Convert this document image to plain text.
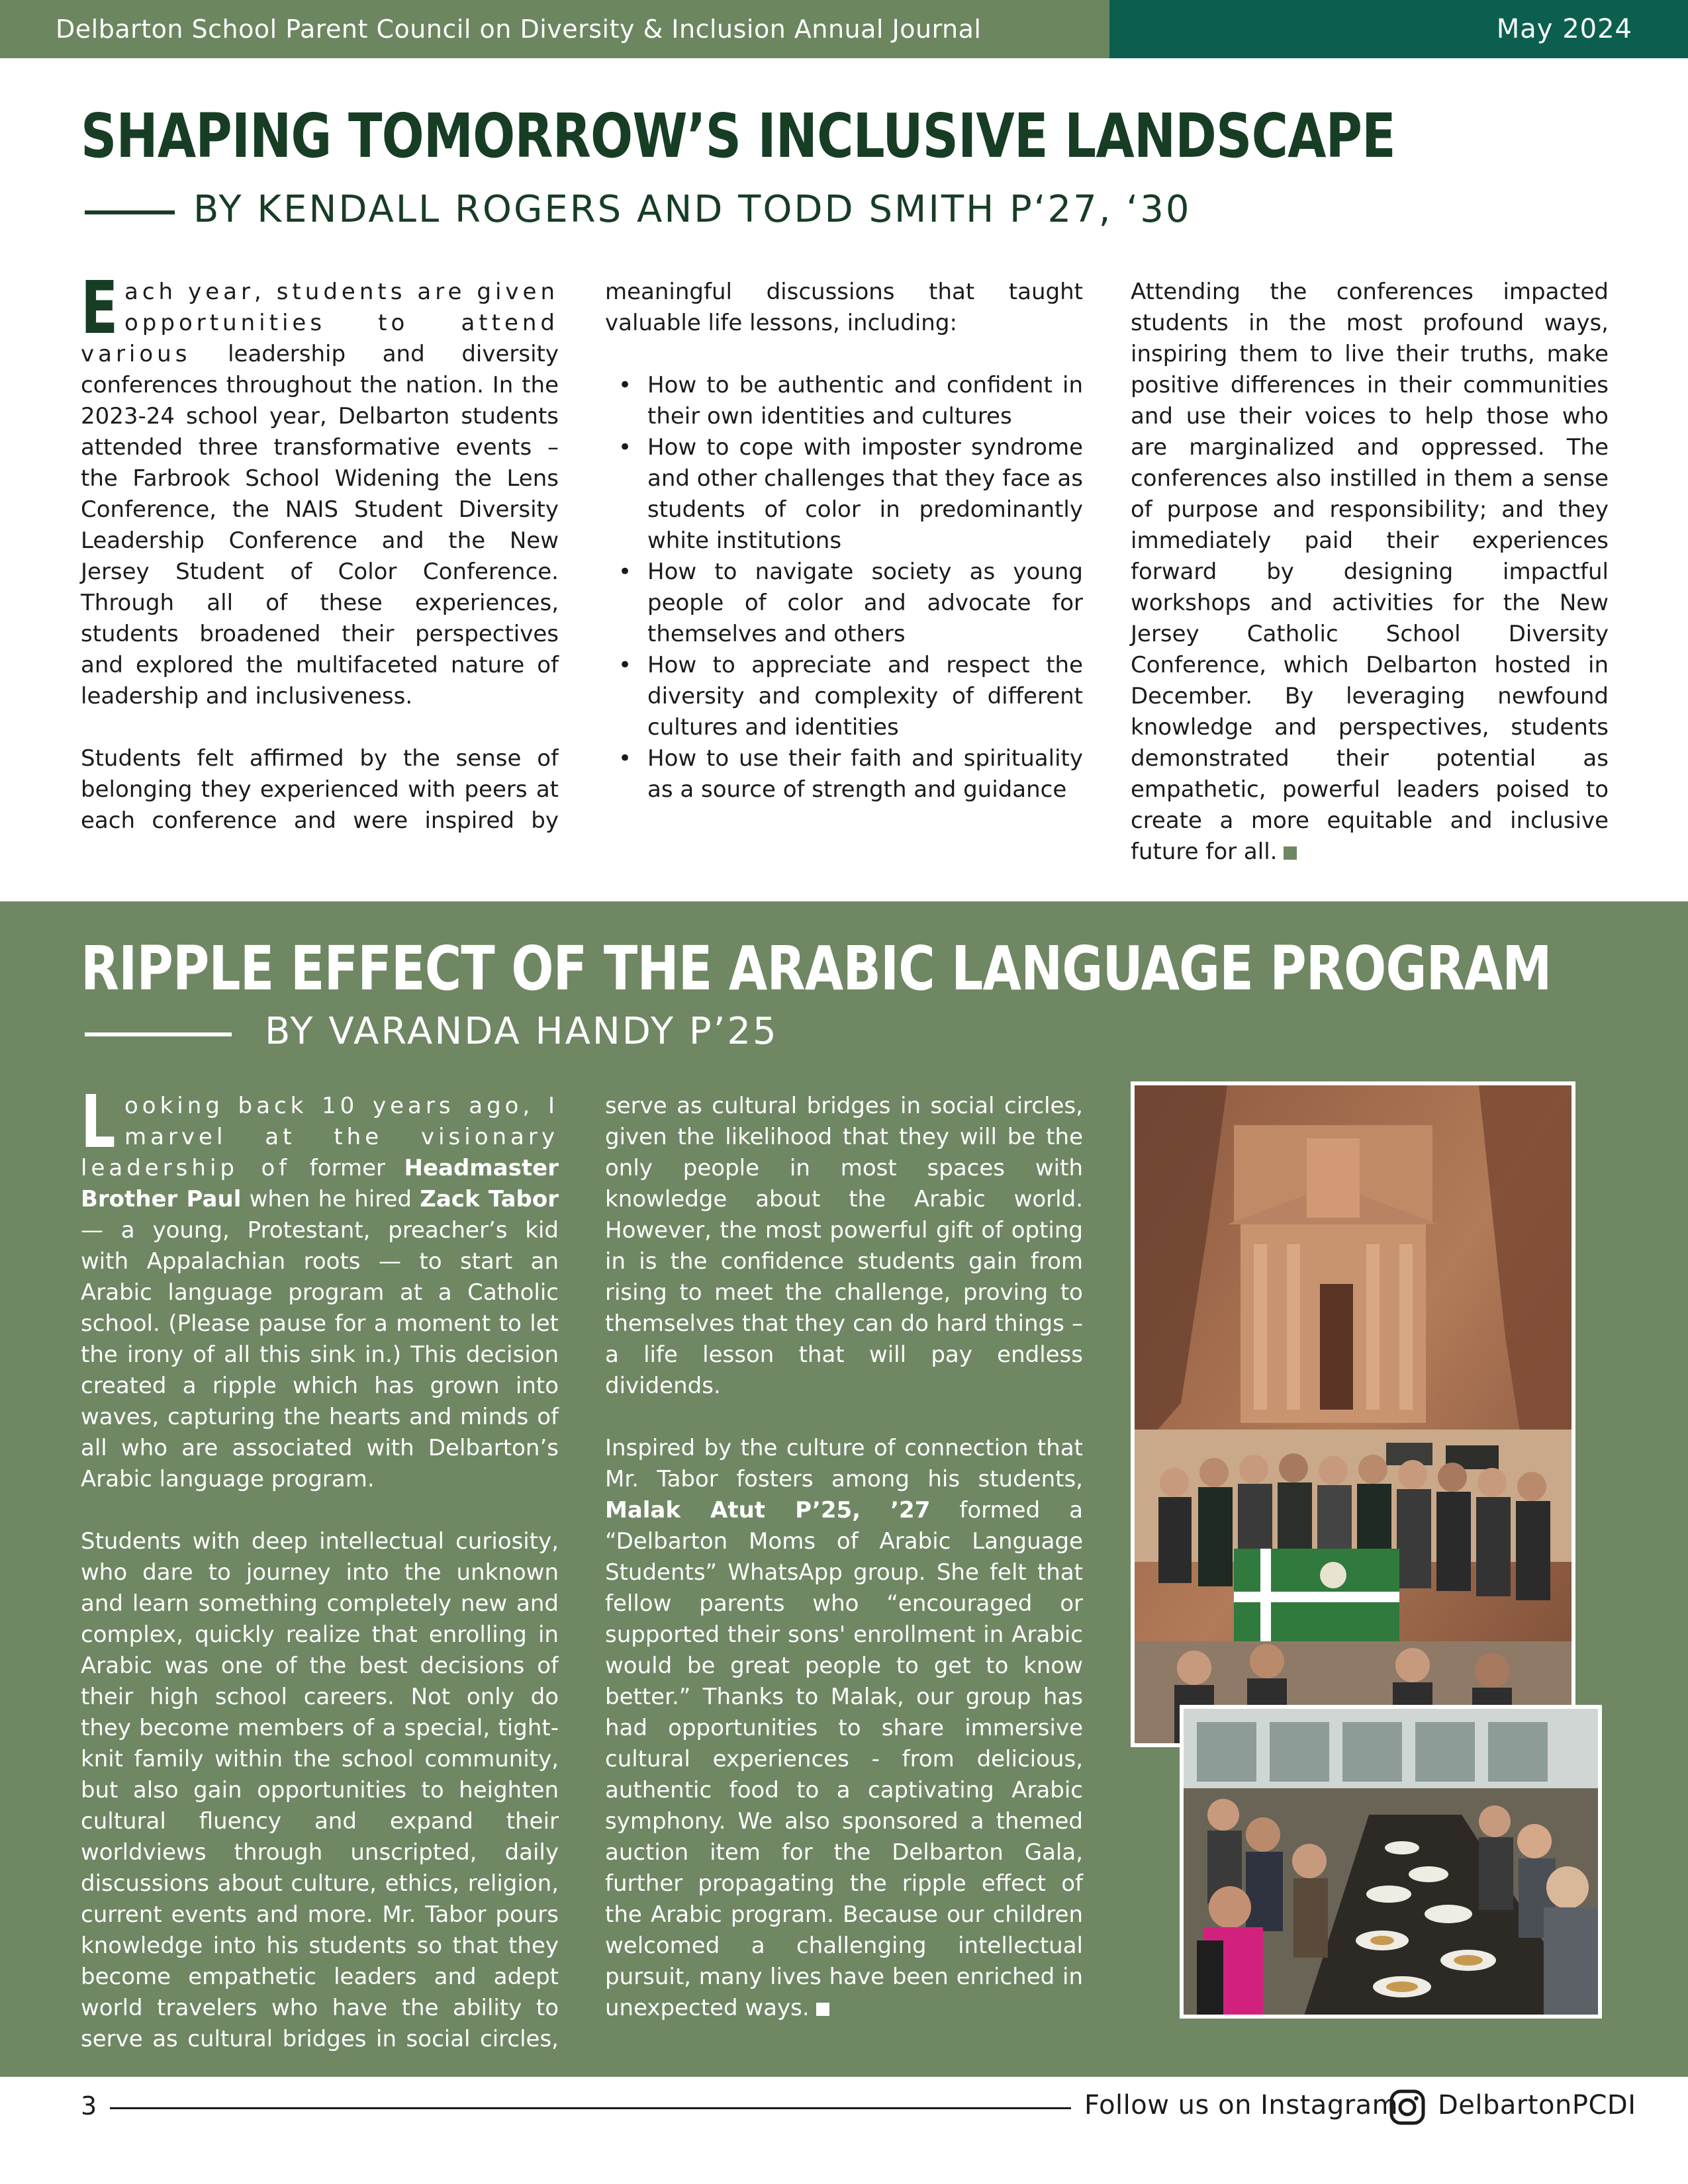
Delbarton School Parent Council on Diversity & Inclusion Annual Journal	May 2024
SHAPING TOMORROW’S INCLUSIVE LANDSCAPE
BY KENDALL ROGERS AND TODD SMITH P‘27, ‘30

Each year, students are given opportunities to attend various leadership and diversity conferences throughout the nation. In the 2023-24 school year, Delbarton students attended three transformative events – the Farbrook School Widening the Lens Conference, the NAIS Student Diversity Leadership Conference and the New Jersey Student of Color Conference. Through all of these experiences, students broadened their perspectives and explored the multifaceted nature of leadership and inclusiveness.

Students felt affirmed by the sense of belonging they experienced with peers at each conference and were inspired by

meaningful discussions that taught valuable life lessons, including:

• How to be authentic and confident in their own identities and cultures
• How to cope with imposter syndrome and other challenges that they face as students of color in predominantly white institutions
• How to navigate society as young people of color and advocate for themselves and others
• How to appreciate and respect the diversity and complexity of different cultures and identities
• How to use their faith and spirituality as a source of strength and guidance

Attending the conferences impacted students in the most profound ways, inspiring them to live their truths, make positive differences in their communities and use their voices to help those who are marginalized and oppressed. The conferences also instilled in them a sense of purpose and responsibility; and they immediately paid their experiences forward by designing impactful workshops and activities for the New Jersey Catholic School Diversity Conference, which Delbarton hosted in December. By leveraging newfound knowledge and perspectives, students demonstrated their potential as empathetic, powerful leaders poised to create a more equitable and inclusive future for all.

RIPPLE EFFECT OF THE ARABIC LANGUAGE PROGRAM
BY VARANDA HANDY P’25

Looking back 10 years ago, I marvel at the visionary leadership of former Headmaster Brother Paul when he hired Zack Tabor — a young, Protestant, preacher’s kid with Appalachian roots — to start an Arabic language program at a Catholic school. (Please pause for a moment to let the irony of all this sink in.) This decision created a ripple which has grown into waves, capturing the hearts and minds of all who are associated with Delbarton’s Arabic language program.

Students with deep intellectual curiosity, who dare to journey into the unknown and learn something completely new and complex, quickly realize that enrolling in Arabic was one of the best decisions of their high school careers. Not only do they become members of a special, tight-knit family within the school community, but also gain opportunities to heighten cultural fluency and expand their worldviews through unscripted, daily discussions about culture, ethics, religion, current events and more. Mr. Tabor pours knowledge into his students so that they become empathetic leaders and adept world travelers who have the ability to serve as cultural bridges in social circles,

serve as cultural bridges in social circles, given the likelihood that they will be the only people in most spaces with knowledge about the Arabic world. However, the most powerful gift of opting in is the confidence students gain from rising to meet the challenge, proving to themselves that they can do hard things – a life lesson that will pay endless dividends.

Inspired by the culture of connection that Mr. Tabor fosters among his students, Malak Atut P’25, ’27 formed a “Delbarton Moms of Arabic Language Students” WhatsApp group. She felt that fellow parents who “encouraged or supported their sons' enrollment in Arabic would be great people to get to know better.” Thanks to Malak, our group has had opportunities to share immersive cultural experiences - from delicious, authentic food to a captivating Arabic symphony. We also sponsored a themed auction item for the Delbarton Gala, further propagating the ripple effect of the Arabic program. Because our children welcomed a challenging intellectual pursuit, many lives have been enriched in unexpected ways.

3	Follow us on Instagram DelbartonPCDI
